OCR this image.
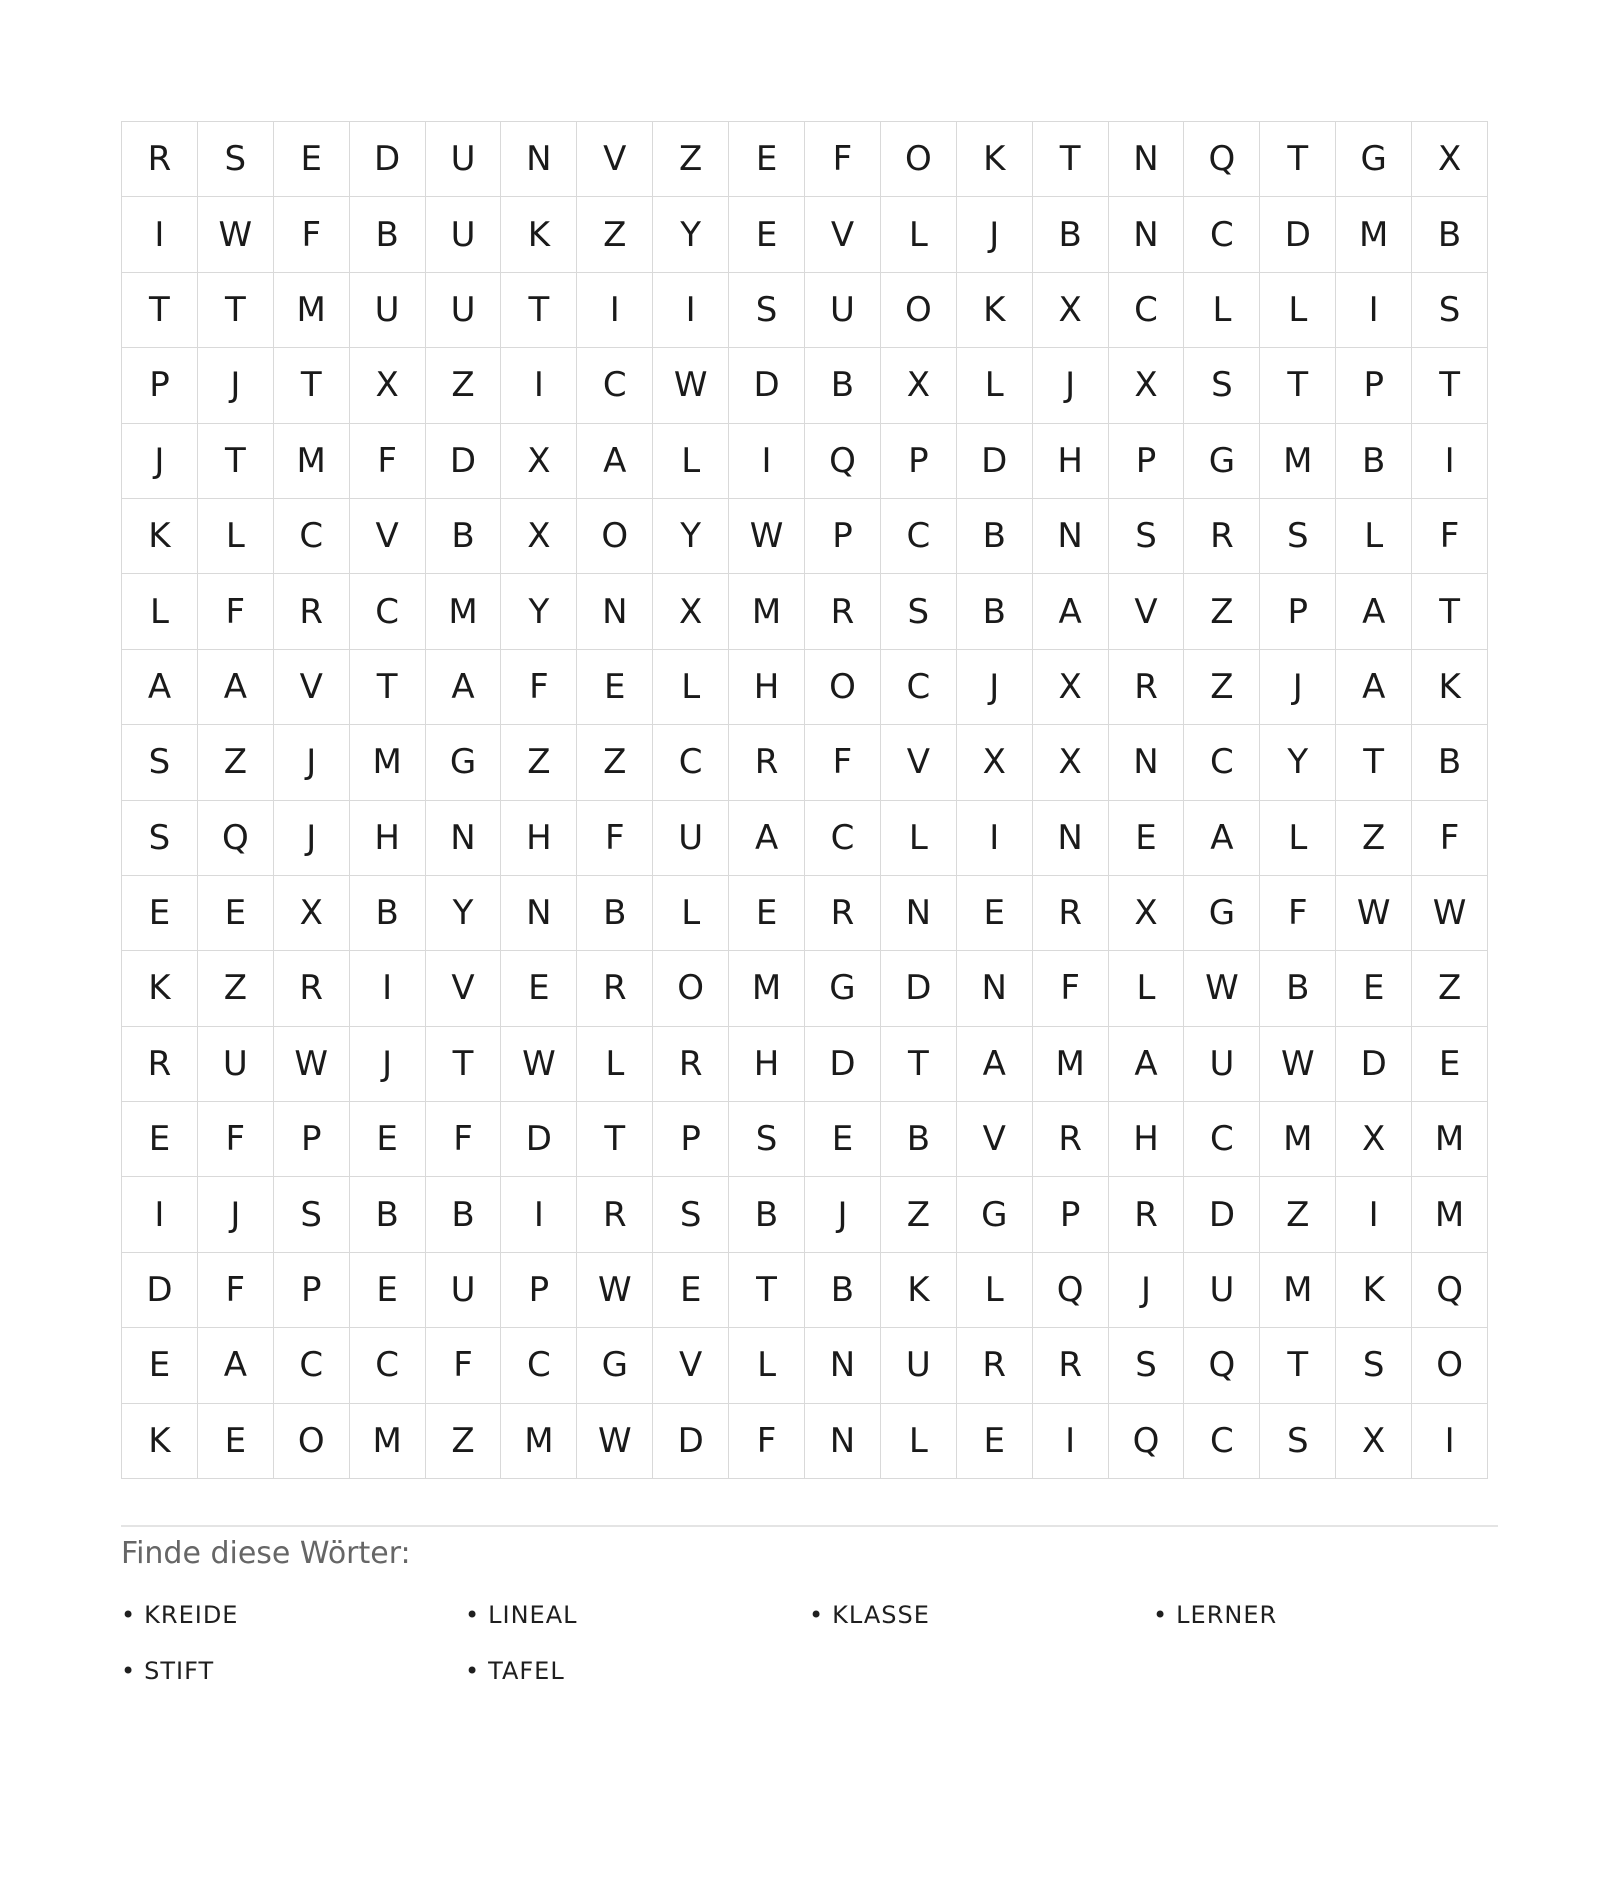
R	S	E	D	U	N	V	Z	E	F	O	K	T	N	Q	T	G	X
I	W	F	B	U	K	Z	Y	E	V	L	J	B	N	C	D	M	B
T	T	M	U	U	T	I	I	S	U	O	K	X	C	L	L	I	S
P	J	T	X	Z	I	C	W	D	B	X	L	J	X	S	T	P	T
J	T	M	F	D	X	A	L	I	Q	P	D	H	P	G	M	B	I
K	L	C	V	B	X	O	Y	W	P	C	B	N	S	R	S	L	F
L	F	R	C	M	Y	N	X	M	R	S	B	A	V	Z	P	A	T
A	A	V	T	A	F	E	L	H	O	C	J	X	R	Z	J	A	K
S	Z	J	M	G	Z	Z	C	R	F	V	X	X	N	C	Y	T	B
S	Q	J	H	N	H	F	U	A	C	L	I	N	E	A	L	Z	F
E	E	X	B	Y	N	B	L	E	R	N	E	R	X	G	F	W	W
K	Z	R	I	V	E	R	O	M	G	D	N	F	L	W	B	E	Z
R	U	W	J	T	W	L	R	H	D	T	A	M	A	U	W	D	E
E	F	P	E	F	D	T	P	S	E	B	V	R	H	C	M	X	M
I	J	S	B	B	I	R	S	B	J	Z	G	P	R	D	Z	I	M
D	F	P	E	U	P	W	E	T	B	K	L	Q	J	U	M	K	Q
E	A	C	C	F	C	G	V	L	N	U	R	R	S	Q	T	S	O
K	E	O	M	Z	M	W	D	F	N	L	E	I	Q	C	S	X	I
Finde diese Wörter:
• KREIDE	• LINEAL	• KLASSE	• LERNER
• STIFT	• TAFEL
